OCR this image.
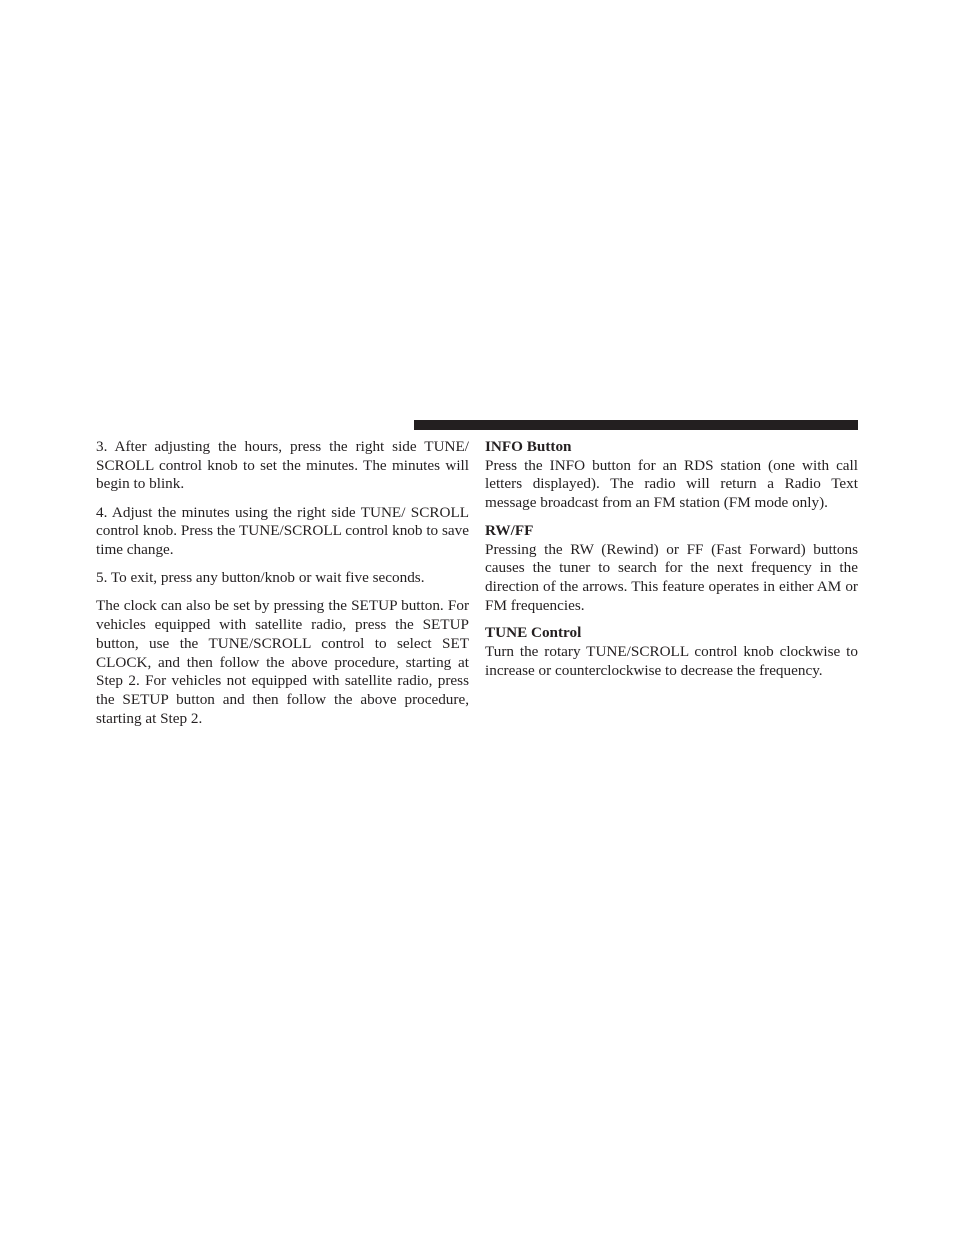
3. After adjusting the hours, press the right side TUNE/ SCROLL control knob to set the minutes. The minutes will begin to blink.

4. Adjust the minutes using the right side TUNE/ SCROLL control knob. Press the TUNE/SCROLL control knob to save time change.

5. To exit, press any button/knob or wait five seconds.

The clock can also be set by pressing the SETUP button. For vehicles equipped with satellite radio, press the SETUP button, use the TUNE/SCROLL control to select SET CLOCK, and then follow the above procedure, starting at Step 2. For vehicles not equipped with satellite radio, press the SETUP button and then follow the above procedure, starting at Step 2.

INFO Button

Press the INFO button for an RDS station (one with call letters displayed). The radio will return a Radio Text message broadcast from an FM station (FM mode only).

RW/FF

Pressing the RW (Rewind) or FF (Fast Forward) buttons causes the tuner to search for the next frequency in the direction of the arrows. This feature operates in either AM or FM frequencies.

TUNE Control

Turn the rotary TUNE/SCROLL control knob clockwise to increase or counterclockwise to decrease the frequency.
